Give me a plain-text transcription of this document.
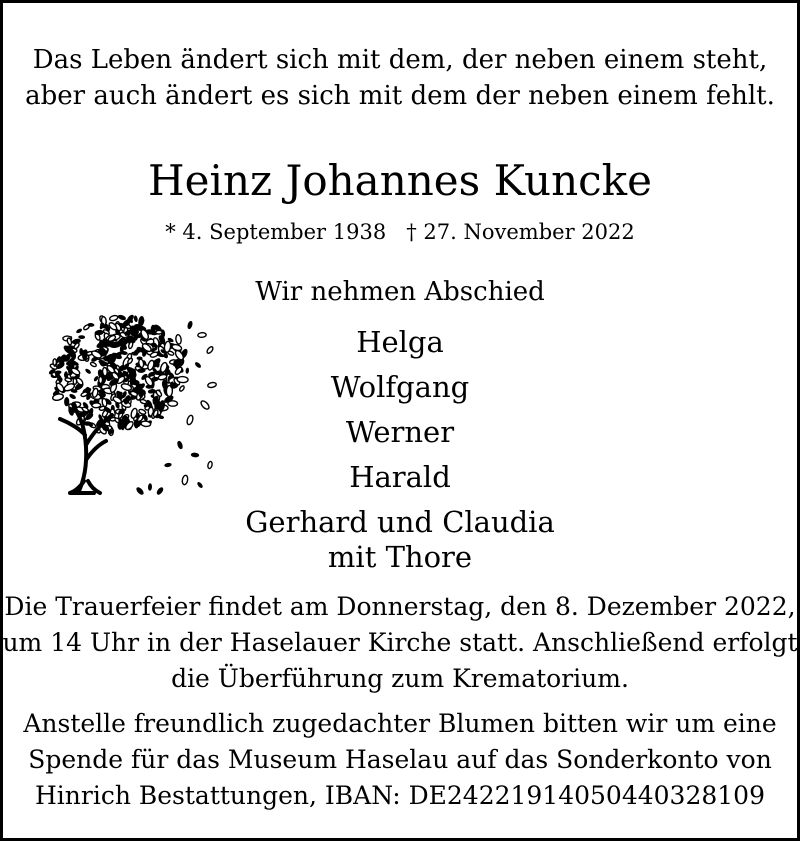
Das Leben ändert sich mit dem, der neben einem steht,
aber auch ändert es sich mit dem der neben einem fehlt.
Heinz Johannes Kuncke
* 4. September 1938   † 27. November 2022
Wir nehmen Abschied
Helga
Wolfgang
Werner
Harald
Gerhard und Claudia
mit Thore
Die Trauerfeier findet am Donnerstag, den 8. Dezember 2022,
um 14 Uhr in der Haselauer Kirche statt. Anschließend erfolgt
die Überführung zum Krematorium.
Anstelle freundlich zugedachter Blumen bitten wir um eine
Spende für das Museum Haselau auf das Sonderkonto von
Hinrich Bestattungen, IBAN: DE24221914050440328109
